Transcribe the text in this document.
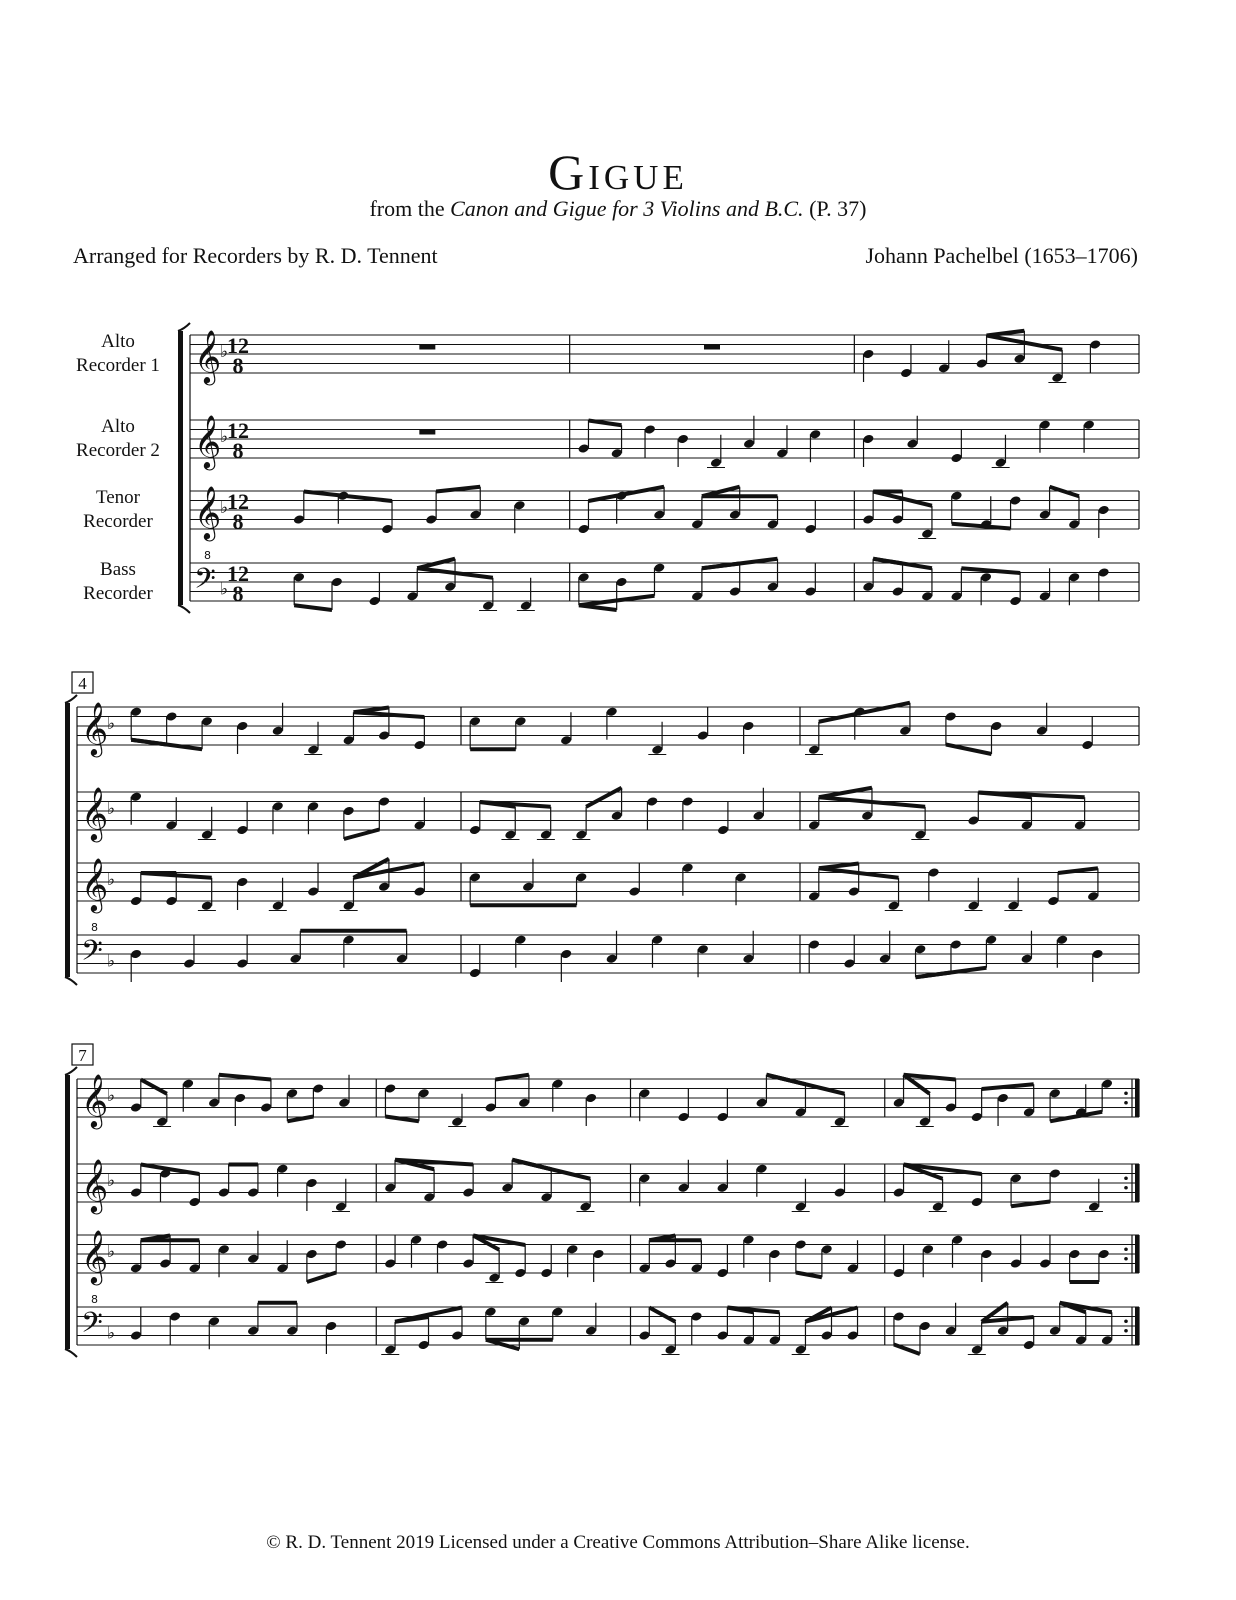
Gigue
from the Canon and Gigue for 3 Violins and B.C. (P. 37)
Arranged for Recorders by R. D. Tennent	Johann Pachelbel (1653–1706)
Alto
Recorder 1 𝄞
♭
12
8
Alto
Recorder 2 𝄞
♭
12
8
Tenor
Recorder 𝄞
♭
12
8
Bass
Recorder 𝄢
8
♭
12
8
4
𝄞
♭
𝄞
♭
𝄞
♭
𝄢
8
♭
7
𝄞
♭
𝄞
♭
𝄞
♭
𝄢
8
♭
© R. D. Tennent 2019 Licensed under a Creative Commons Attribution–Share Alike license.
